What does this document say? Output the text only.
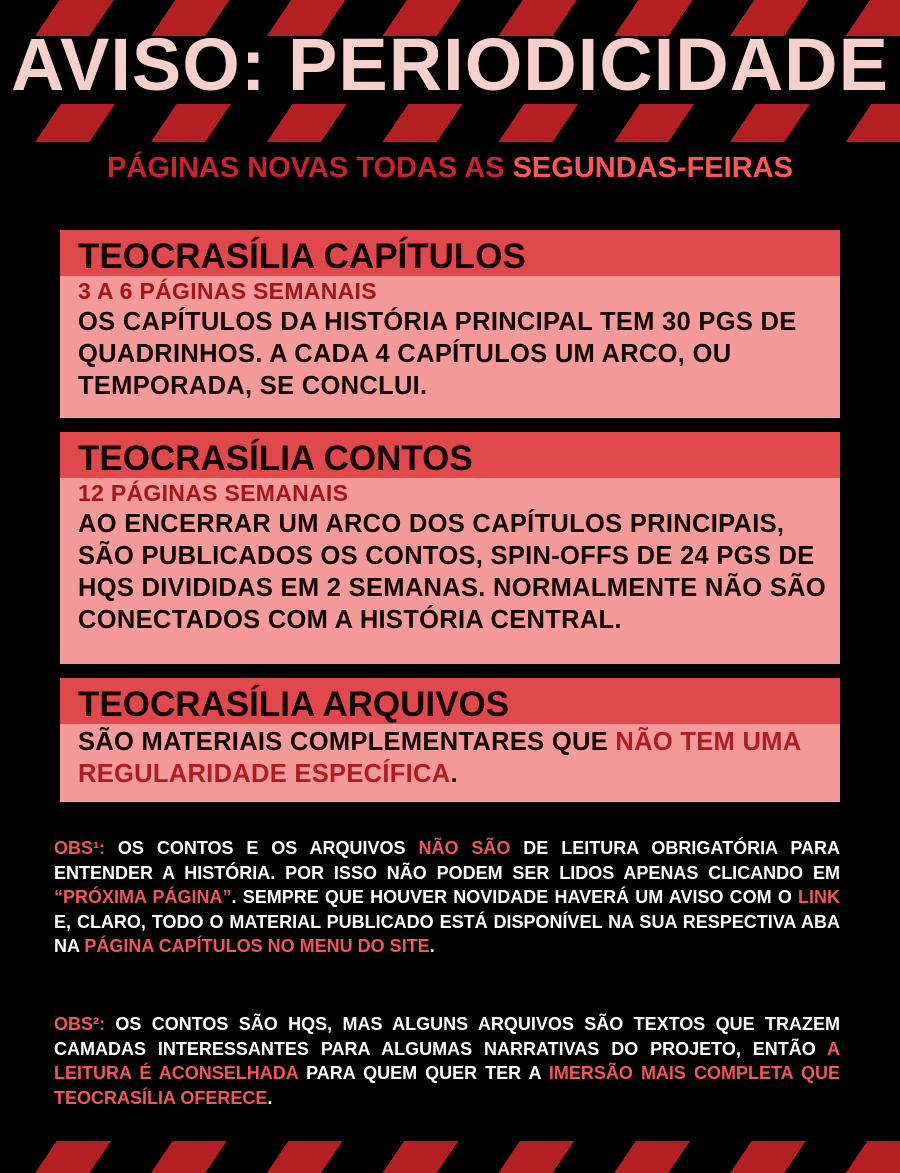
AVISO: PERIODICIDADE
PÁGINAS NOVAS TODAS AS SEGUNDAS-FEIRAS
TEOCRASÍLIA CAPÍTULOS
3 A 6 PÁGINAS SEMANAIS
OS CAPÍTULOS DA HISTÓRIA PRINCIPAL TEM 30 PGS DE QUADRINHOS. A CADA 4 CAPÍTULOS UM ARCO, OU TEMPORADA, SE CONCLUI.
TEOCRASÍLIA CONTOS
12 PÁGINAS SEMANAIS
AO ENCERRAR UM ARCO DOS CAPÍTULOS PRINCIPAIS, SÃO PUBLICADOS OS CONTOS, SPIN-OFFS DE 24 PGS DE HQS DIVIDIDAS EM 2 SEMANAS. NORMALMENTE NÃO SÃO CONECTADOS COM A HISTÓRIA CENTRAL.
TEOCRASÍLIA ARQUIVOS
SÃO MATERIAIS COMPLEMENTARES QUE NÃO TEM UMA REGULARIDADE ESPECÍFICA.
OBS¹: OS CONTOS E OS ARQUIVOS NÃO SÃO DE LEITURA OBRIGATÓRIA PARA ENTENDER A HISTÓRIA. POR ISSO NÃO PODEM SER LIDOS APENAS CLICANDO EM “PRÓXIMA PÁGINA”. SEMPRE QUE HOUVER NOVIDADE HAVERÁ UM AVISO COM O LINK E, CLARO, TODO O MATERIAL PUBLICADO ESTÁ DISPONÍVEL NA SUA RESPECTIVA ABA NA PÁGINA CAPÍTULOS NO MENU DO SITE.
OBS²: OS CONTOS SÃO HQS, MAS ALGUNS ARQUIVOS SÃO TEXTOS QUE TRAZEM CAMADAS INTERESSANTES PARA ALGUMAS NARRATIVAS DO PROJETO, ENTÃO A LEITURA É ACONSELHADA PARA QUEM QUER TER A IMERSÃO MAIS COMPLETA QUE TEOCRASÍLIA OFERECE.
